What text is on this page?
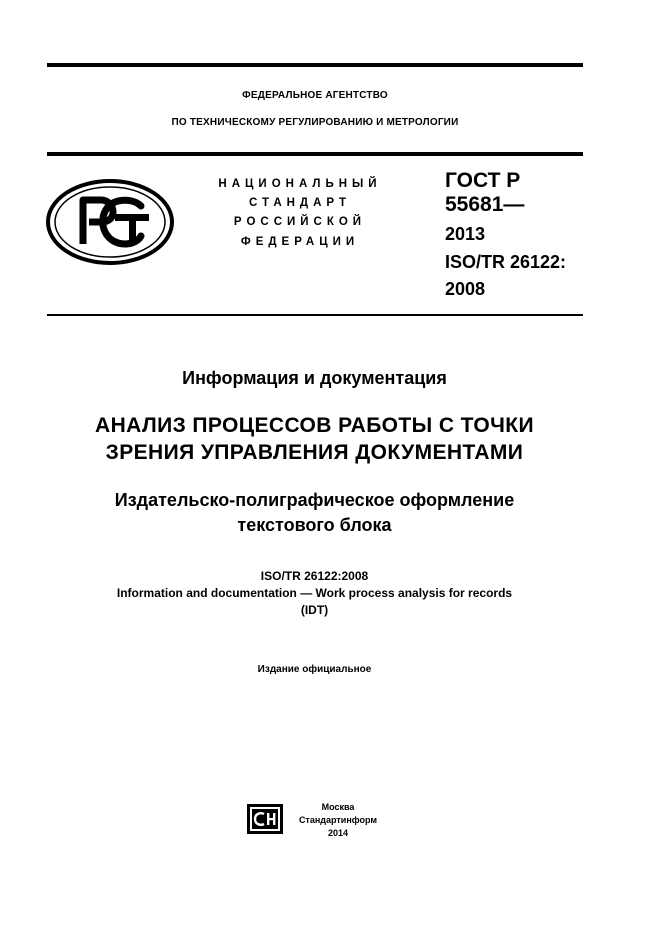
ФЕДЕРАЛЬНОЕ АГЕНТСТВО
ПО ТЕХНИЧЕСКОМУ РЕГУЛИРОВАНИЮ И МЕТРОЛОГИИ
НАЦИОНАЛЬНЫЙ
СТАНДАРТ
РОССИЙСКОЙ
ФЕДЕРАЦИИ
ГОСТ Р
55681—
2013
ISO/TR 26122:
2008
Информация и документация
АНАЛИЗ ПРОЦЕССОВ РАБОТЫ С ТОЧКИ
ЗРЕНИЯ УПРАВЛЕНИЯ ДОКУМЕНТАМИ
Издательско-полиграфическое оформление
текстового блока
ISO/TR 26122:2008
Information and documentation — Work process analysis for records
(IDT)
Издание официальное
Москва
Стандартинформ
2014
